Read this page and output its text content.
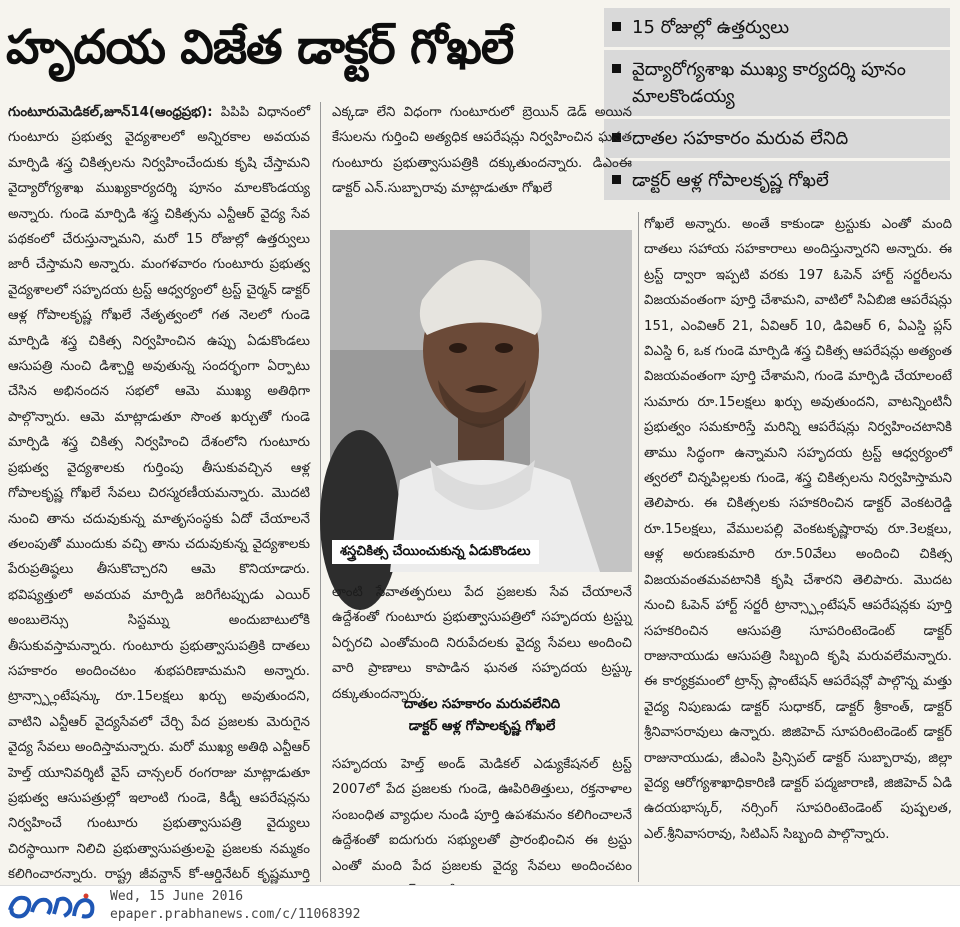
హృదయ విజేత డాక్టర్ గోఖలే	15 రోజుల్లో ఉత్తర్వులు
వైద్యారోగ్యశాఖ ముఖ్య కార్యదర్శి పూనం మాలకొండయ్య
దాతల సహకారం మరువ లేనిది
డాక్టర్ ఆళ్ల గోపాలకృష్ణ గోఖలే

గుంటూరుమెడికల్,జూన్14(ఆంధ్రప్రభ): పిపిపి విధానంలో గుంటూరు ప్రభుత్వ వైద్యశాలలో అన్నిరకాల అవయవ మార్పిడి శస్త్ర చికిత్సలను నిర్వహించేందుకు కృషి చేస్తామని వైద్యారోగ్యశాఖ ముఖ్యకార్యదర్శి పూనం మాలకొండయ్య అన్నారు. గుండె మార్పిడి శస్త్ర చికిత్సను ఎన్టీఆర్ వైద్య సేవ పథకంలో చేరుస్తున్నామని, మరో 15 రోజుల్లో ఉత్తర్వులు జారీ చేస్తామని అన్నారు. మంగళవారం గుంటూరు ప్రభుత్వ వైద్యశాలలో సహృదయ ట్రస్ట్ ఆధ్వర్యంలో ట్రస్ట్ చైర్మన్ డాక్టర్ ఆళ్ల గోపాలకృష్ణ గోఖలే నేతృత్వంలో గత నెలలో గుండె మార్పిడి శస్త్ర చికిత్స నిర్వహించిన ఉప్పు ఏడుకొండలు ఆసుపత్రి నుంచి డిశ్చార్జి అవుతున్న సందర్భంగా ఏర్పాటు చేసిన అభినందన సభలో ఆమె ముఖ్య అతిథిగా పాల్గొన్నారు. ఆమె మాట్లాడుతూ సొంత ఖర్చుతో గుండె మార్పిడి శస్త్ర చికిత్స నిర్వహించి దేశంలోని గుంటూరు ప్రభుత్వ వైద్యశాలకు గుర్తింపు తీసుకువచ్చిన ఆళ్ల గోపాలకృష్ణ గోఖలే సేవలు చిరస్మరణీయమన్నారు. మొదటి నుంచి తాను చదువుకున్న మాతృసంస్థకు ఏదో చేయాలనే తలంపుతో ముందుకు వచ్చి తాను చదువుకున్న వైద్యశాలకు పేరుప్రతిష్ఠలు తీసుకొచ్చారని ఆమె కొనియాడారు. భవిష్యత్తులో అవయవ మార్పిడి జరిగేటప్పుడు ఎయిర్ అంబులెన్సు సిస్టమ్ను అందుబాటులోకి తీసుకువస్తామన్నారు. గుంటూరు ప్రభుత్వాసుపత్రికి దాతలు సహకారం అందించటం శుభపరిణామమని అన్నారు. ట్రాన్స్ప్లాంటేషన్కు రూ.15లక్షలు ఖర్చు అవుతుందని, వాటిని ఎన్టీఆర్ వైద్యసేవలో చేర్చి పేద ప్రజలకు మెరుగైన వైద్య సేవలు అందిస్తామన్నారు. మరో ముఖ్య అతిథి ఎన్టీఆర్ హెల్త్ యూనివర్శిటీ వైస్ చాన్సలర్ రంగరాజు మాట్లాడుతూ ప్రభుత్వ ఆసుపత్రుల్లో ఇలాంటి గుండె, కిడ్నీ ఆపరేషన్లను నిర్వహించే గుంటూరు ప్రభుత్వాసుపత్రి వైద్యులు చిరస్థాయిగా నిలిచి ప్రభుత్వాసుపత్రులపై ప్రజలకు నమ్మకం కలిగించారన్నారు. రాష్ట్ర జీవన్దాన్ కో-ఆర్డినేటర్ కృష్ణమూర్తి

ఎక్కడా లేని విధంగా గుంటూరులో బ్రెయిన్ డెడ్ అయిన కేసులను గుర్తించి అత్యధిక ఆపరేషన్లు నిర్వహించిన ఘనత గుంటూరు ప్రభుత్వాసుపత్రికి దక్కుతుందన్నారు. డిఎంఈ డాక్టర్ ఎన్.సుబ్బారావు మాట్లాడుతూ గోఖలే

శస్త్రచికిత్స చేయించుకున్న ఏడుకొండలు

లాంటి సేవాతత్పరులు పేద ప్రజలకు సేవ చేయాలనే ఉద్దేశంతో గుంటూరు ప్రభుత్వాసుపత్రిలో సహృదయ ట్రస్ట్ను ఏర్పరచి ఎంతోమంది నిరుపేదలకు వైద్య సేవలు అందించి వారి ప్రాణాలు కాపాడిన ఘనత సహృదయ ట్రస్ట్కు దక్కుతుందన్నారు.

దాతల సహకారం మరువలేనిది
డాక్టర్ ఆళ్ల గోపాలకృష్ణ గోఖలే

సహృదయ హెల్త్ అండ్ మెడికల్ ఎడ్యుకేషనల్ ట్రస్ట్ 2007లో పేద ప్రజలకు గుండె, ఊపిరితిత్తులు, రక్తనాళాల సంబంధిత వ్యాధుల నుండి పూర్తి ఉపశమనం కలిగించాలనే ఉద్దేశంతో ఐదుగురు సభ్యులతో ప్రారంభించిన ఈ ట్రస్టు ఎంతో మంది పేద ప్రజలకు వైద్య సేవలు అందించటం

గోఖలే అన్నారు. అంతే కాకుండా ట్రస్టుకు ఎంతో మంది దాతలు సహాయ సహకారాలు అందిస్తున్నారని అన్నారు. ఈ ట్రస్ట్ ద్వారా ఇప్పటి వరకు 197 ఓపెన్ హార్ట్ సర్జరీలను విజయవంతంగా పూర్తి చేశామని, వాటిలో సిఏబిజి ఆపరేషన్లు 151, ఎంవిఆర్ 21, ఏవిఆర్ 10, డివిఆర్ 6, ఏఎస్డి ప్లస్ విఎస్డి 6, ఒక గుండె మార్పిడి శస్త్ర చికిత్స ఆపరేషన్లు అత్యంత విజయవంతంగా పూర్తి చేశామని, గుండె మార్పిడి చేయాలంటే సుమారు రూ.15లక్షలు ఖర్చు అవుతుందని, వాటన్నింటినీ ప్రభుత్వం సమకూరిస్తే మరిన్ని ఆపరేషన్లు నిర్వహించటానికి తాము సిద్ధంగా ఉన్నామని సహృదయ ట్రస్ట్ ఆధ్వర్యంలో త్వరలో చిన్నపిల్లలకు గుండె, శస్త్ర చికిత్సలను నిర్వహిస్తామని తెలిపారు. ఈ చికిత్సలకు సహకరించిన డాక్టర్ వెంకటరెడ్డి రూ.15లక్షలు, వేములపల్లి వెంకటకృష్ణారావు రూ.3లక్షలు, ఆళ్ల అరుణకుమారి రూ.50వేలు అందించి చికిత్స విజయవంతమవటానికి కృషి చేశారని తెలిపారు. మొదట నుంచి ఓపెన్ హార్ట్ సర్జరీ ట్రాన్స్ప్లాంటేషన్ ఆపరేషన్లకు పూర్తి సహకరించిన ఆసుపత్రి సూపరింటెండెంట్ డాక్టర్ రాజునాయుడు ఆసుపత్రి సిబ్బంది కృషి మరువలేమన్నారు. ఈ కార్యక్రమంలో ట్రాన్స్ ప్లాంటేషన్ ఆపరేషన్లో పాల్గొన్న మత్తు వైద్య నిపుణుడు డాక్టర్ సుధాకర్, డాక్టర్ శ్రీకాంత్, డాక్టర్ శ్రీనివాసరావులు ఉన్నారు. జిజిహెచ్ సూపరింటెండెంట్ డాక్టర్ రాజునాయుడు, జీఎంసి ప్రిన్సిపల్ డాక్టర్ సుబ్బారావు, జిల్లా వైద్య ఆరోగ్యశాఖాధికారిణి డాక్టర్ పద్మజారాణి, జిజిహెచ్ ఏడి ఉదయభాస్కర్, నర్సింగ్ సూపరింటెండెంట్ పుష్పలత, ఎల్.శ్రీనివాసరావు, సిటిఎస్ సిబ్బంది పాల్గొన్నారు.

Wed, 15 June 2016
epaper.prabhanews.com/c/11068392
